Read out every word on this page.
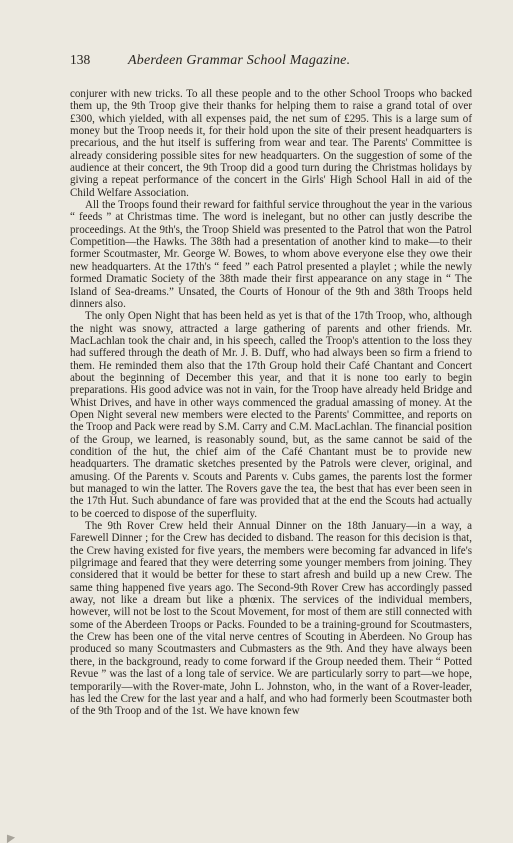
138	Aberdeen Grammar School Magazine.

conjurer with new tricks. To all these people and to the other School Troops who backed them up, the 9th Troop give their thanks for helping them to raise a grand total of over £300, which yielded, with all expenses paid, the net sum of £295. This is a large sum of money but the Troop needs it, for their hold upon the site of their present headquarters is precarious, and the hut itself is suffering from wear and tear. The Parents' Committee is already considering possible sites for new headquarters. On the suggestion of some of the audience at their concert, the 9th Troop did a good turn during the Christmas holidays by giving a repeat performance of the concert in the Girls' High School Hall in aid of the Child Welfare Association.

All the Troops found their reward for faithful service throughout the year in the various “ feeds ” at Christmas time. The word is inelegant, but no other can justly describe the proceedings. At the 9th's, the Troop Shield was presented to the Patrol that won the Patrol Competition—the Hawks. The 38th had a presentation of another kind to make—to their former Scoutmaster, Mr. George W. Bowes, to whom above everyone else they owe their new headquarters. At the 17th's “ feed ” each Patrol presented a playlet ; while the newly formed Dramatic Society of the 38th made their first appearance on any stage in “ The Island of Sea-dreams.” Unsated, the Courts of Honour of the 9th and 38th Troops held dinners also.

The only Open Night that has been held as yet is that of the 17th Troop, who, although the night was snowy, attracted a large gathering of parents and other friends. Mr. MacLachlan took the chair and, in his speech, called the Troop's attention to the loss they had suffered through the death of Mr. J. B. Duff, who had always been so firm a friend to them. He reminded them also that the 17th Group hold their Café Chantant and Concert about the beginning of December this year, and that it is none too early to begin preparations. His good advice was not in vain, for the Troop have already held Bridge and Whist Drives, and have in other ways commenced the gradual amassing of money. At the Open Night several new members were elected to the Parents' Committee, and reports on the Troop and Pack were read by S.M. Carry and C.M. MacLachlan. The financial position of the Group, we learned, is reasonably sound, but, as the same cannot be said of the condition of the hut, the chief aim of the Café Chantant must be to provide new headquarters. The dramatic sketches presented by the Patrols were clever, original, and amusing. Of the Parents v. Scouts and Parents v. Cubs games, the parents lost the former but managed to win the latter. The Rovers gave the tea, the best that has ever been seen in the 17th Hut. Such abundance of fare was provided that at the end the Scouts had actually to be coerced to dispose of the superfluity.

The 9th Rover Crew held their Annual Dinner on the 18th January—in a way, a Farewell Dinner ; for the Crew has decided to disband. The reason for this decision is that, the Crew having existed for five years, the members were becoming far advanced in life's pilgrimage and feared that they were deterring some younger members from joining. They considered that it would be better for these to start afresh and build up a new Crew. The same thing happened five years ago. The Second-9th Rover Crew has accordingly passed away, not like a dream but like a phœnix. The services of the individual members, however, will not be lost to the Scout Movement, for most of them are still connected with some of the Aberdeen Troops or Packs. Founded to be a training-ground for Scoutmasters, the Crew has been one of the vital nerve centres of Scouting in Aberdeen. No Group has produced so many Scoutmasters and Cubmasters as the 9th. And they have always been there, in the background, ready to come forward if the Group needed them. Their “ Potted Revue ” was the last of a long tale of service. We are particularly sorry to part—we hope, temporarily—with the Rover-mate, John L. Johnston, who, in the want of a Rover-leader, has led the Crew for the last year and a half, and who had formerly been Scoutmaster both of the 9th Troop and of the 1st. We have known few
